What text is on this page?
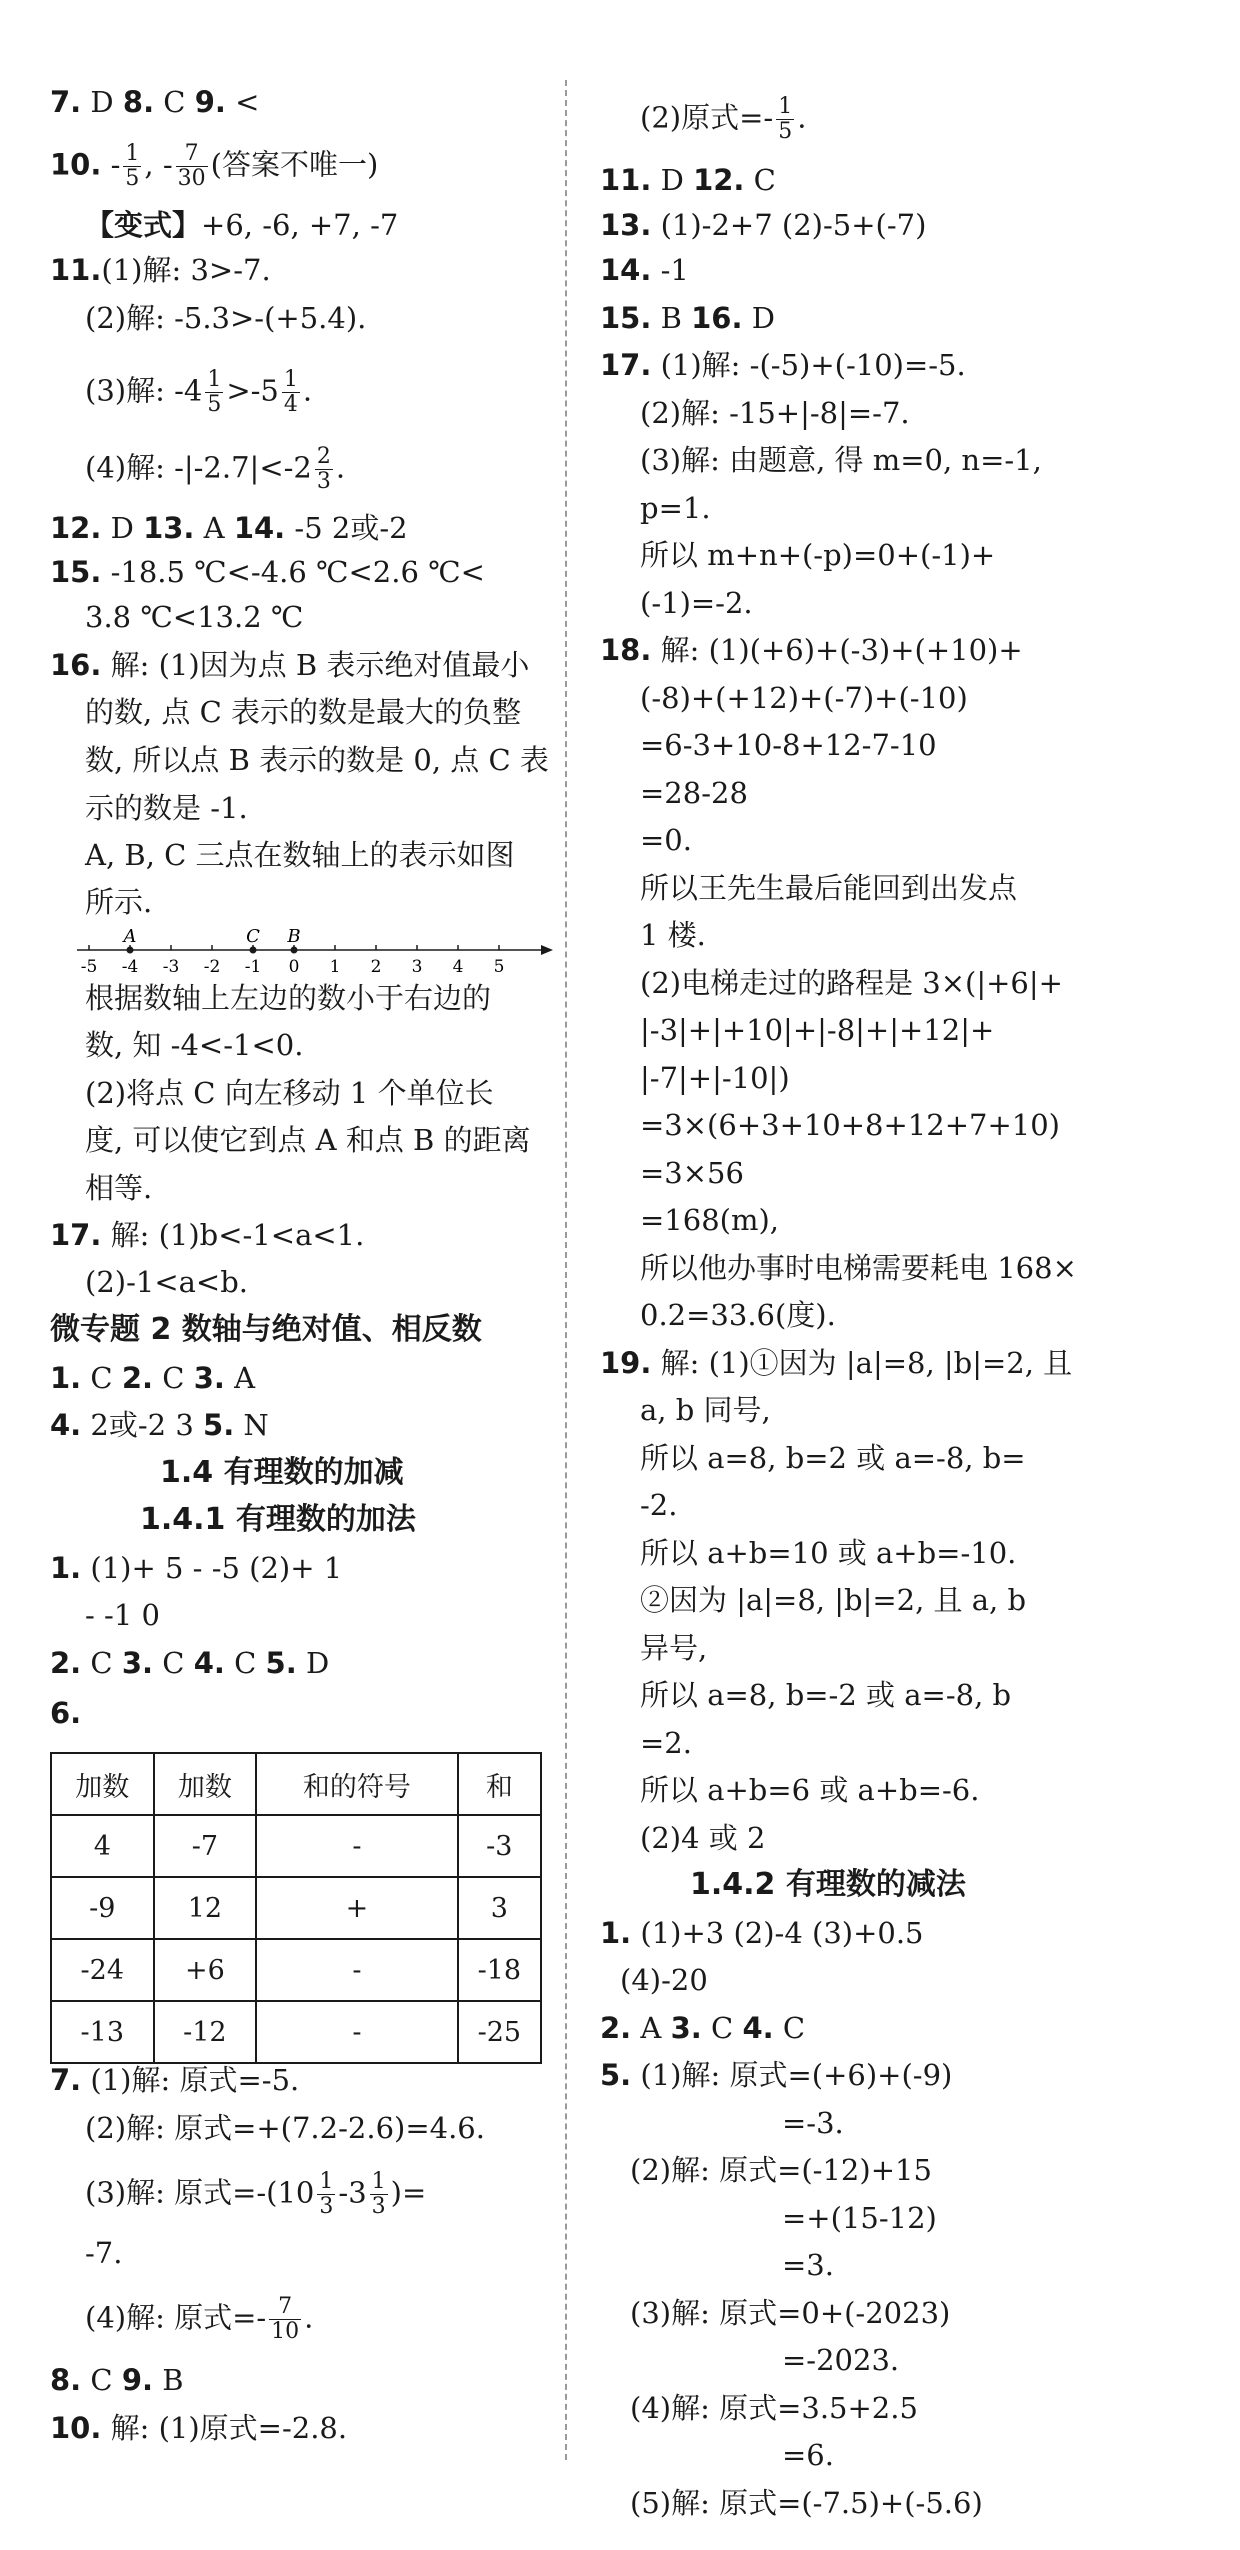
7. D 8. C 9. <
10. - $\frac{1}{5}$ , - $\frac{7}{30}$ (答案不唯一)
【变式】+6, -6, +7, -7
11.(1)解: 3>-7.
(2)解: -5.3>-(+5.4).
(3)解: $-4 \frac{1}{5} >-5 \frac{1}{4}$ .
(4)解: $-|-2.7|<-2 \frac{2}{3}$ .
12. D 13. A 14. -5 2或-2
15. -18.5 ℃<-4.6 ℃<2.6 ℃<
3.8 ℃<13.2 ℃
16. 解: (1)因为点 B 表示绝对值最小
的数, 点 C 表示的数是最大的负整
数, 所以点 B 表示的数是 0, 点 C 表
示的数是 -1.
A, B, C 三点在数轴上的表示如图
所示.
-5 -4 -3 -2 -1 0 1 2 3 4 5
A	C B
根据数轴上左边的数小于右边的
数, 知 -4<-1<0.
(2)将点 C 向左移动 1 个单位长
度, 可以使它到点 A 和点 B 的距离
相等.
17. 解: (1)b<-1<a<1.
(2)-1<a<b.
微专题 2 数轴与绝对值、相反数
1. C 2. C 3. A
4. 2或-2 3 5. N
1.4 有理数的加减
1.4.1 有理数的加法
1. (1)+ 5 - -5 (2)+ 1
- -1 0
2. C 3. C 4. C 5. D
6.
加数	加数	和的符号	和
4	-7	-	-3
-9	12	+	3
-24	+6	-	-18
-13	-12	-	-25
7. (1)解: 原式=-5.
(2)解: 原式=+(7.2-2.6)=4.6.
(3)解: 原式$=-(10 \frac{1}{3} -3 \frac{1}{3}$ )=
-7.
(4)解: 原式=- $\frac{7}{10}$ .
8. C 9. B
10. 解: (1)原式=-2.8.
(2)原式=- $\frac{1}{5}$ .
11. D 12. C
13. (1)-2+7 (2)-5+(-7)
14. -1
15. B 16. D
17. (1)解: -(-5)+(-10)=-5.
(2)解: -15+|-8|=-7.
(3)解: 由题意, 得 m=0, n=-1,
p=1.
所以 m+n+(-p)=0+(-1)+
(-1)=-2.
18. 解: (1)(+6)+(-3)+(+10)+
(-8)+(+12)+(-7)+(-10)
=6-3+10-8+12-7-10
=28-28
=0.
所以王先生最后能回到出发点
1 楼.
(2)电梯走过的路程是 3×(|+6|+
|-3|+|+10|+|-8|+|+12|+
|-7|+|-10|)
=3×(6+3+10+8+12+7+10)
=3×56
=168(m),
所以他办事时电梯需要耗电 168×
0.2=33.6(度).
19. 解: (1)①因为 |a|=8, |b|=2, 且
a, b 同号,
所以 a=8, b=2 或 a=-8, b=
-2.
所以 a+b=10 或 a+b=-10.
②因为 |a|=8, |b|=2, 且 a, b
异号,
所以 a=8, b=-2 或 a=-8, b
=2.
所以 a+b=6 或 a+b=-6.
(2)4 或 2
1.4.2 有理数的减法
1. (1)+3 (2)-4 (3)+0.5
(4)-20
2. A 3. C 4. C
5. (1)解: 原式=(+6)+(-9)
=-3.
(2)解: 原式=(-12)+15
=+(15-12)
=3.
(3)解: 原式=0+(-2023)
=-2023.
(4)解: 原式=3.5+2.5
=6.
(5)解: 原式=(-7.5)+(-5.6)
